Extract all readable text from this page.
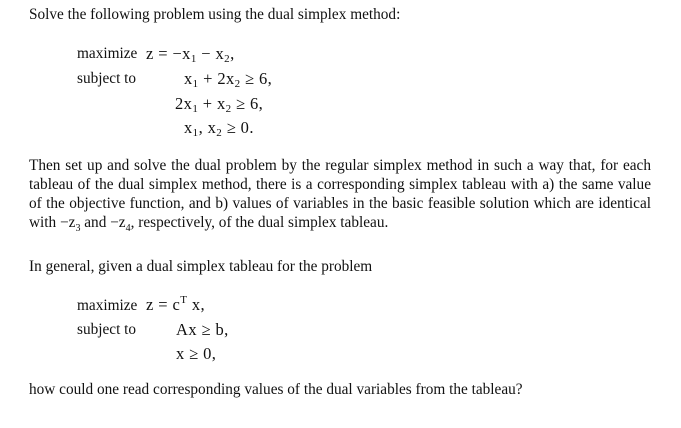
Solve the following problem using the dual simplex method:
maximize $z = -x_1 - x_2$,
subject to	$x_1 + 2x_2 \ge 6$,
$2x_1 + x_2 \ge 6$,
$x_1$, $x_2 \ge 0$.
Then set up and solve the dual problem by the regular simplex method in such a way that, for each
tableau of the dual simplex method, there is a corresponding simplex tableau with a) the same value
of the objective function, and b) values of variables in the basic feasible solution which are identical
with $-z_3$ and $-z_4$, respectively, of the dual simplex tableau.
In general, given a dual simplex tableau for the problem
maximize $z = c^T$ x,
subject to Ax ≥ b,
x ≥ 0,
how could one read corresponding values of the dual variables from the tableau?
